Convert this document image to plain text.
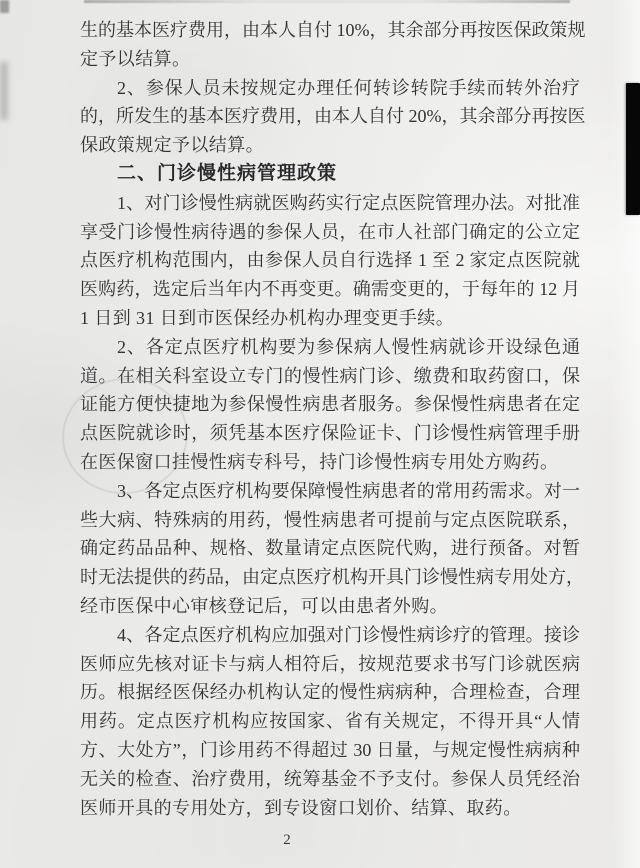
生的基本医疗费用，由本人自付 10%，其余部分再按医保政策规
定予以结算。
2、参保人员未按规定办理任何转诊转院手续而转外治疗
的，所发生的基本医疗费用，由本人自付 20%，其余部分再按医
保政策规定予以结算。
二、门诊慢性病管理政策
1、对门诊慢性病就医购药实行定点医院管理办法。对批准
享受门诊慢性病待遇的参保人员，在市人社部门确定的公立定
点医疗机构范围内，由参保人员自行选择 1 至 2 家定点医院就
医购药，选定后当年内不再变更。确需变更的，于每年的 12 月
1 日到 31 日到市医保经办机构办理变更手续。
2、各定点医疗机构要为参保病人慢性病就诊开设绿色通
道。在相关科室设立专门的慢性病门诊、缴费和取药窗口，保
证能方便快捷地为参保慢性病患者服务。参保慢性病患者在定
点医院就诊时，须凭基本医疗保险证卡、门诊慢性病管理手册
在医保窗口挂慢性病专科号，持门诊慢性病专用处方购药。
3、各定点医疗机构要保障慢性病患者的常用药需求。对一
些大病、特殊病的用药，慢性病患者可提前与定点医院联系，
确定药品品种、规格、数量请定点医院代购，进行预备。对暂
时无法提供的药品，由定点医疗机构开具门诊慢性病专用处方，
经市医保中心审核登记后，可以由患者外购。
4、各定点医疗机构应加强对门诊慢性病诊疗的管理。接诊
医师应先核对证卡与病人相符后，按规范要求书写门诊就医病
历。根据经医保经办机构认定的慢性病病种，合理检查，合理
用药。定点医疗机构应按国家、省有关规定，不得开具“人情
方、大处方”，门诊用药不得超过 30 日量，与规定慢性病病种
无关的检查、治疗费用，统筹基金不予支付。参保人员凭经治
医师开具的专用处方，到专设窗口划价、结算、取药。
2
